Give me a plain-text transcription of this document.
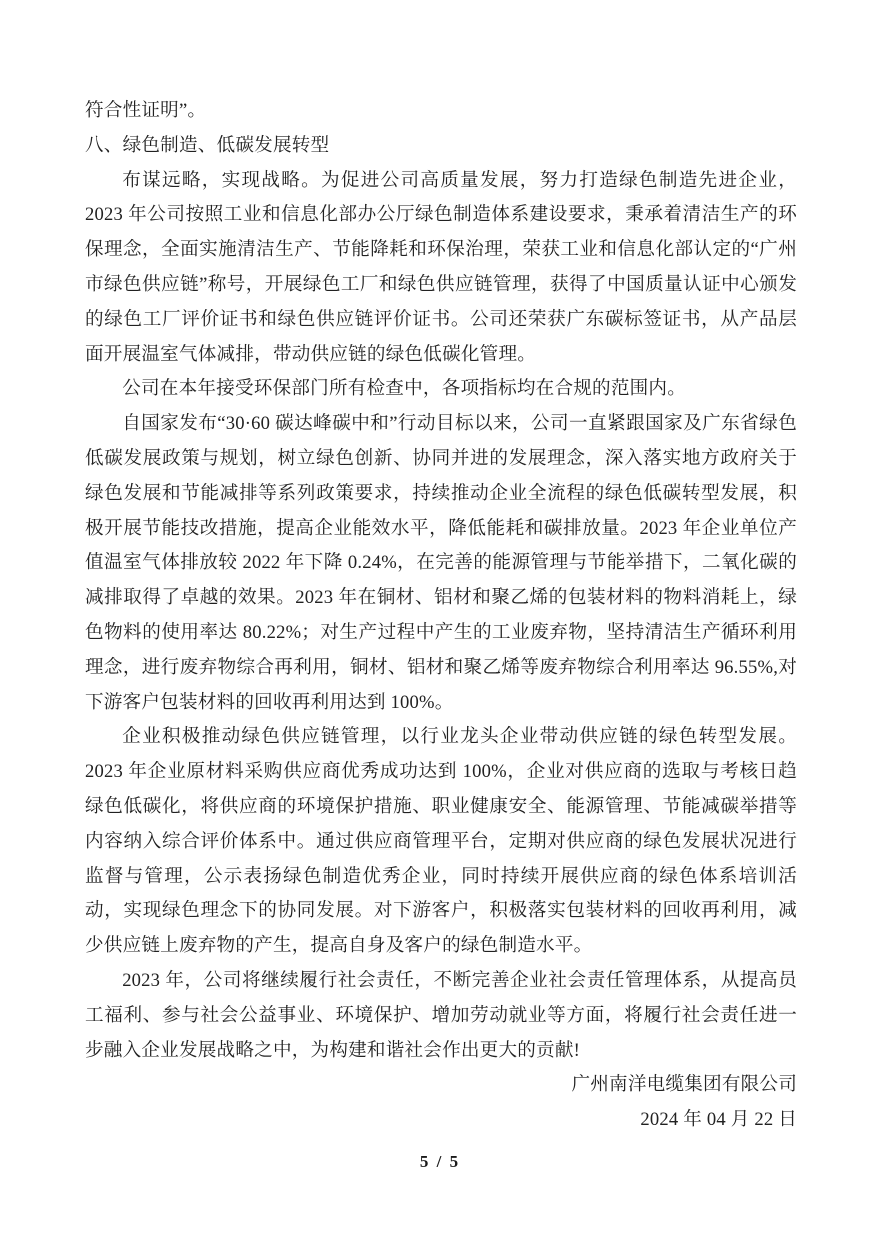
符合性证明”。

八、绿色制造、低碳发展转型

布谋远略，实现战略。为促进公司高质量发展，努力打造绿色制造先进企业，2023 年公司按照工业和信息化部办公厅绿色制造体系建设要求，秉承着清洁生产的环保理念，全面实施清洁生产、节能降耗和环保治理，荣获工业和信息化部认定的“广州市绿色供应链”称号，开展绿色工厂和绿色供应链管理，获得了中国质量认证中心颁发的绿色工厂评价证书和绿色供应链评价证书。公司还荣获广东碳标签证书，从产品层面开展温室气体减排，带动供应链的绿色低碳化管理。

公司在本年接受环保部门所有检查中，各项指标均在合规的范围内。

自国家发布“30·60 碳达峰碳中和”行动目标以来，公司一直紧跟国家及广东省绿色低碳发展政策与规划，树立绿色创新、协同并进的发展理念，深入落实地方政府关于绿色发展和节能减排等系列政策要求，持续推动企业全流程的绿色低碳转型发展，积极开展节能技改措施，提高企业能效水平，降低能耗和碳排放量。2023 年企业单位产值温室气体排放较 2022 年下降 0.24%，在完善的能源管理与节能举措下，二氧化碳的减排取得了卓越的效果。2023 年在铜材、铝材和聚乙烯的包装材料的物料消耗上，绿色物料的使用率达 80.22%；对生产过程中产生的工业废弃物，坚持清洁生产循环利用理念，进行废弃物综合再利用，铜材、铝材和聚乙烯等废弃物综合利用率达 96.55%,对下游客户包装材料的回收再利用达到 100%。

企业积极推动绿色供应链管理，以行业龙头企业带动供应链的绿色转型发展。2023 年企业原材料采购供应商优秀成功达到 100%，企业对供应商的选取与考核日趋绿色低碳化，将供应商的环境保护措施、职业健康安全、能源管理、节能减碳举措等内容纳入综合评价体系中。通过供应商管理平台，定期对供应商的绿色发展状况进行监督与管理，公示表扬绿色制造优秀企业，同时持续开展供应商的绿色体系培训活动，实现绿色理念下的协同发展。对下游客户，积极落实包装材料的回收再利用，减少供应链上废弃物的产生，提高自身及客户的绿色制造水平。

2023 年，公司将继续履行社会责任，不断完善企业社会责任管理体系，从提高员工福利、参与社会公益事业、环境保护、增加劳动就业等方面，将履行社会责任进一步融入企业发展战略之中，为构建和谐社会作出更大的贡献!

广州南洋电缆集团有限公司

2024 年 04 月 22 日

5 / 5
